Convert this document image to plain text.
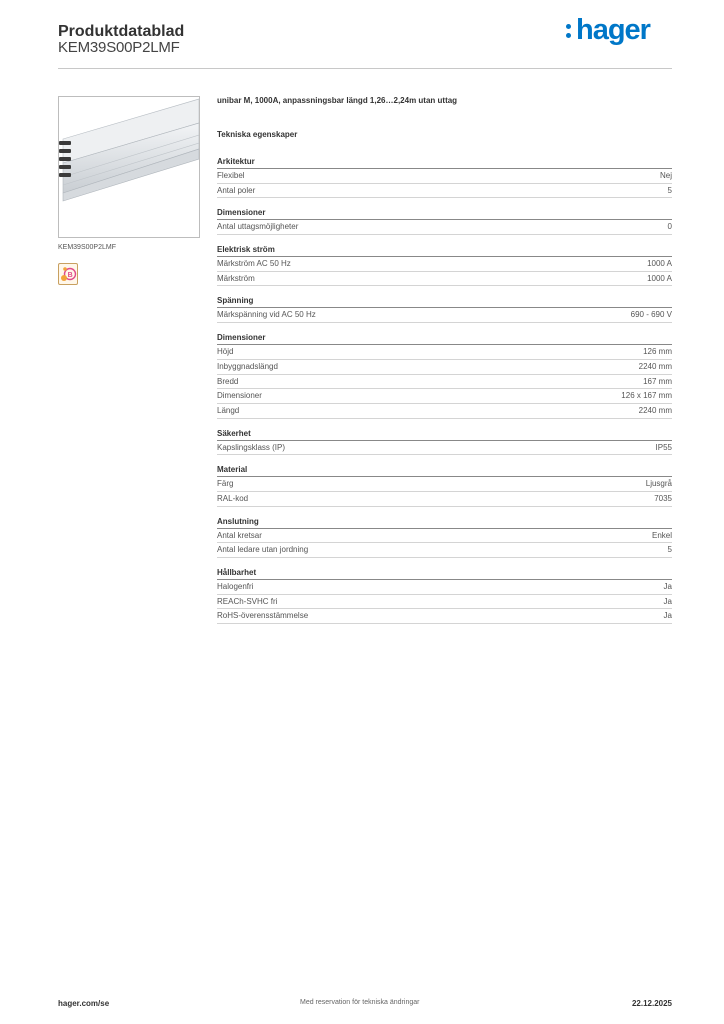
Produktdatablad
KEM39S00P2LMF
hager
KEM39S00P2LMF
B
unibar M, 1000A, anpassningsbar längd 1,26…2,24m utan uttag
Tekniska egenskaper
Arkitektur
Flexibel	Nej
Antal poler	5
Dimensioner
Antal uttagsmöjligheter	0
Elektrisk ström
Märkström AC 50 Hz	1000 A
Märkström	1000 A
Spänning
Märkspänning vid AC 50 Hz	690 - 690 V
Dimensioner
Höjd	126 mm
Inbyggnadslängd	2240 mm
Bredd	167 mm
Dimensioner	126 x 167 mm
Längd	2240 mm
Säkerhet
Kapslingsklass (IP)	IP55
Material
Färg	Ljusgrå
RAL-kod	7035
Anslutning
Antal kretsar	Enkel
Antal ledare utan jordning	5
Hållbarhet
Halogenfri	Ja
REACh-SVHC fri	Ja
RoHS-överensstämmelse	Ja
hager.com/se	Med reservation för tekniska ändringar	22.12.2025
